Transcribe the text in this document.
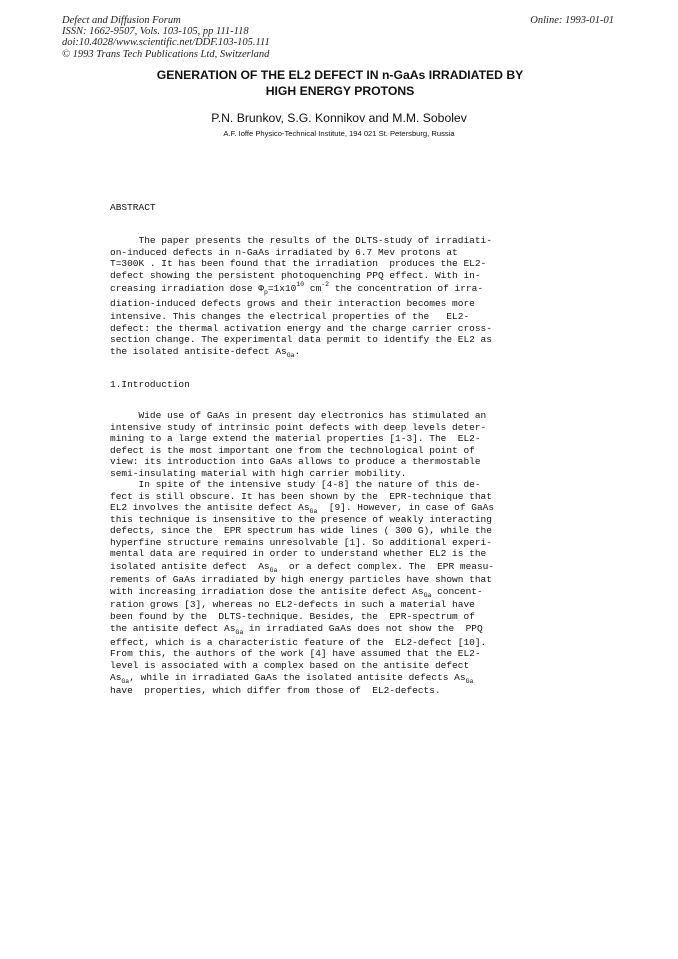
Defect and Diffusion Forum
ISSN: 1662-9507, Vols. 103-105, pp 111-118
doi:10.4028/www.scientific.net/DDF.103-105.111
© 1993 Trans Tech Publications Ltd, Switzerland
Online: 1993-01-01
GENERATION OF THE EL2 DEFECT IN n-GaAs IRRADIATED BY
HIGH ENERGY PROTONS
P.N. Brunkov, S.G. Konnikov and M.M. Sobolev
A.F. Ioffe Physico-Technical Institute, 194 021 St. Petersburg, Russia
ABSTRACT
The paper presents the results of the DLTS-study of irradiati-
on-induced defects in n-GaAs irradiated by 6.7 Mev protons at
T=300K . It has been found that the irradiation  produces the EL2-
defect showing the persistent photoquenching PPQ effect. With in-
creasing irradiation dose $\Phi_p=1x10^{10}$ $cm^{-2}$ the concentration of irra-
diation-induced defects grows and their interaction becomes more
intensive. This changes the electrical properties of the   EL2-
defect: the thermal activation energy and the charge carrier cross-
section change. The experimental data permit to identify the EL2 as
the isolated antisite-defect $As_{Ga}$.
1.Introduction
Wide use of GaAs in present day electronics has stimulated an
intensive study of intrinsic point defects with deep levels deter-
mining to a large extend the material properties [1-3]. The  EL2-
defect is the most important one from the technological point of
view: its introduction into GaAs allows to produce a thermostable
semi-insulating material with high carrier mobility.
In spite of the intensive study [4-8] the nature of this de-
fect is still obscure. It has been shown by the  EPR-technique that
EL2 involves the antisite defect $As_{Ga}$  [9]. However, in case of GaAs
this technique is insensitive to the presence of weakly interacting
defects, since the  EPR spectrum has wide lines ( 300 G), while the
hyperfine structure remains unresolvable [1]. So additional experi-
mental data are required in order to understand whether EL2 is the
isolated antisite defect  $As_{Ga}$  or a defect complex. The  EPR measu-
rements of GaAs irradiated by high energy particles have shown that
with increasing irradiation dose the antisite defect $As_{Ga}$ concent-
ration grows [3], whereas no EL2-defects in such a material have
been found by the  DLTS-technique. Besides, the  EPR-spectrum of
the antisite defect $As_{Ga}$ in irradiated GaAs does not show the  PPQ
effect, which is a characteristic feature of the  EL2-defect [10].
From this, the authors of the work [4] have assumed that the EL2-
level is associated with a complex based on the antisite defect
$As_{Ga}$, while in irradiated GaAs the isolated antisite defects $As_{Ga}$
have  properties, which differ from those of  EL2-defects.
